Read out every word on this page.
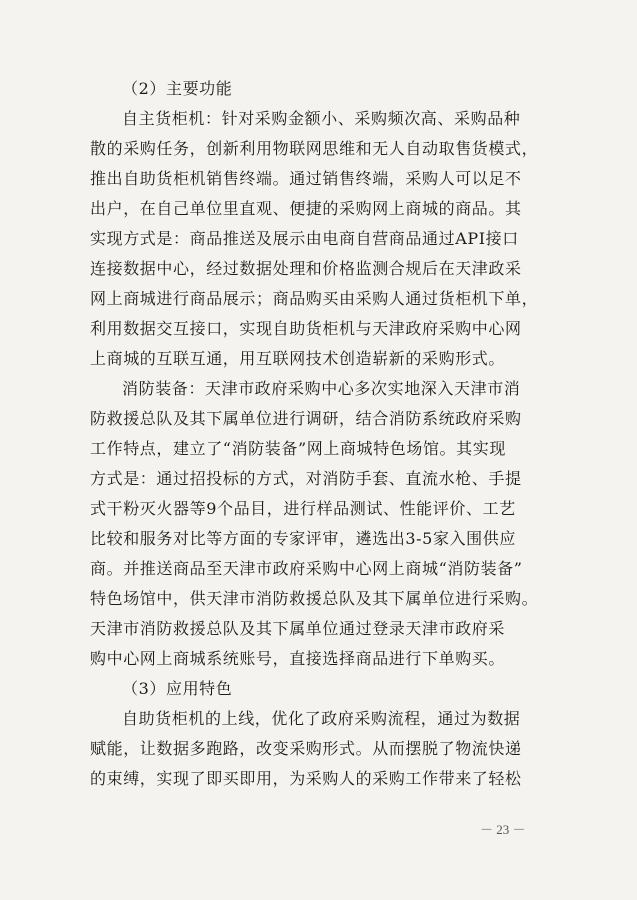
（2）主要功能
自主货柜机：针对采购金额小、采购频次高、采购品种
散的采购任务，创新利用物联网思维和无人自动取售货模式，
推出自助货柜机销售终端。通过销售终端，采购人可以足不
出户，在自己单位里直观、便捷的采购网上商城的商品。其
实现方式是：商品推送及展示由电商自营商品通过API接口
连接数据中心，经过数据处理和价格监测合规后在天津政采
网上商城进行商品展示；商品购买由采购人通过货柜机下单，
利用数据交互接口，实现自助货柜机与天津政府采购中心网
上商城的互联互通，用互联网技术创造崭新的采购形式。
消防装备：天津市政府采购中心多次实地深入天津市消
防救援总队及其下属单位进行调研，结合消防系统政府采购
工作特点，建立了“消防装备”网上商城特色场馆。其实现
方式是：通过招投标的方式，对消防手套、直流水枪、手提
式干粉灭火器等9个品目，进行样品测试、性能评价、工艺
比较和服务对比等方面的专家评审，遴选出3-5家入围供应
商。并推送商品至天津市政府采购中心网上商城“消防装备”
特色场馆中，供天津市消防救援总队及其下属单位进行采购。
天津市消防救援总队及其下属单位通过登录天津市政府采
购中心网上商城系统账号，直接选择商品进行下单购买。
（3）应用特色
自助货柜机的上线，优化了政府采购流程，通过为数据
赋能，让数据多跑路，改变采购形式。从而摆脱了物流快递
的束缚，实现了即买即用，为采购人的采购工作带来了轻松
－ 23 －
